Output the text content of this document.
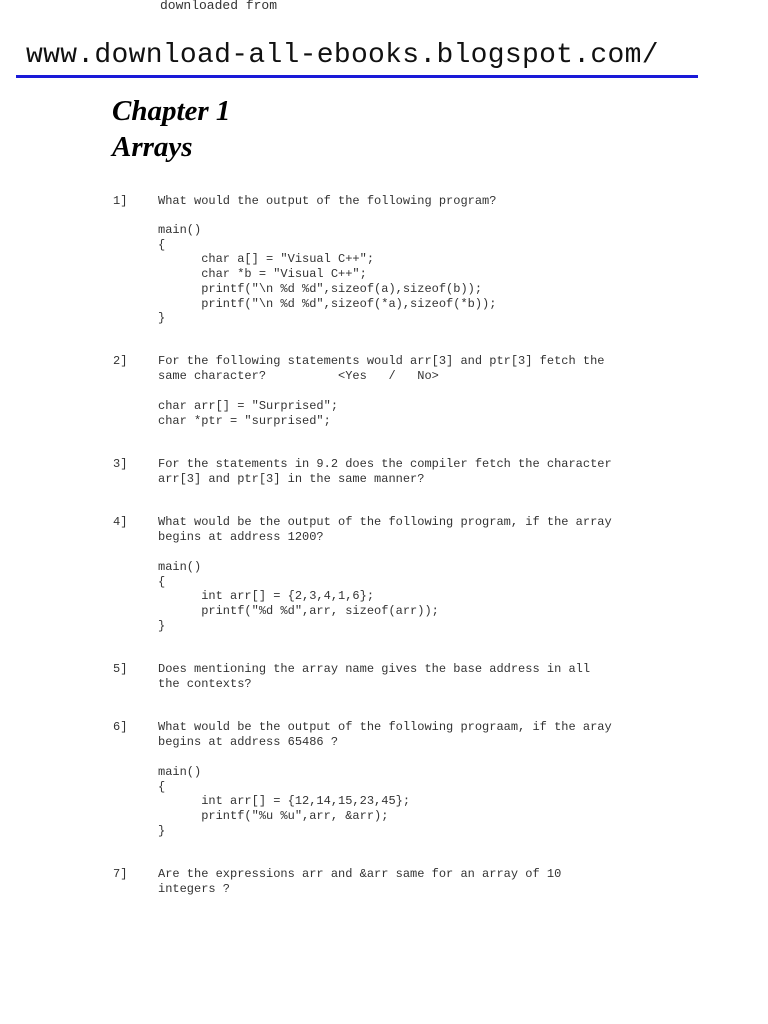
downloaded from
www.download-all-ebooks.blogspot.com/
Chapter 1
Arrays
1]	What would the output of the following program?
main()
{
char a[] = "Visual C++";
char *b = "Visual C++";
printf("\n %d %d",sizeof(a),sizeof(b));
printf("\n %d %d",sizeof(*a),sizeof(*b));
}
2]	For the following statements would arr[3] and ptr[3] fetch the
same character?          <Yes   /   No>
char arr[] = "Surprised";
char *ptr = "surprised";
3]	For the statements in 9.2 does the compiler fetch the character
arr[3] and ptr[3] in the same manner?
4]	What would be the output of the following program, if the array
begins at address 1200?
main()
{
int arr[] = {2,3,4,1,6};
printf("%d %d",arr, sizeof(arr));
}
5]	Does mentioning the array name gives the base address in all
the contexts?
6]	What would be the output of the following prograam, if the aray
begins at address 65486 ?
main()
{
int arr[] = {12,14,15,23,45};
printf("%u %u",arr, &arr);
}
7]	Are the expressions arr and &arr same for an array of 10
integers ?
